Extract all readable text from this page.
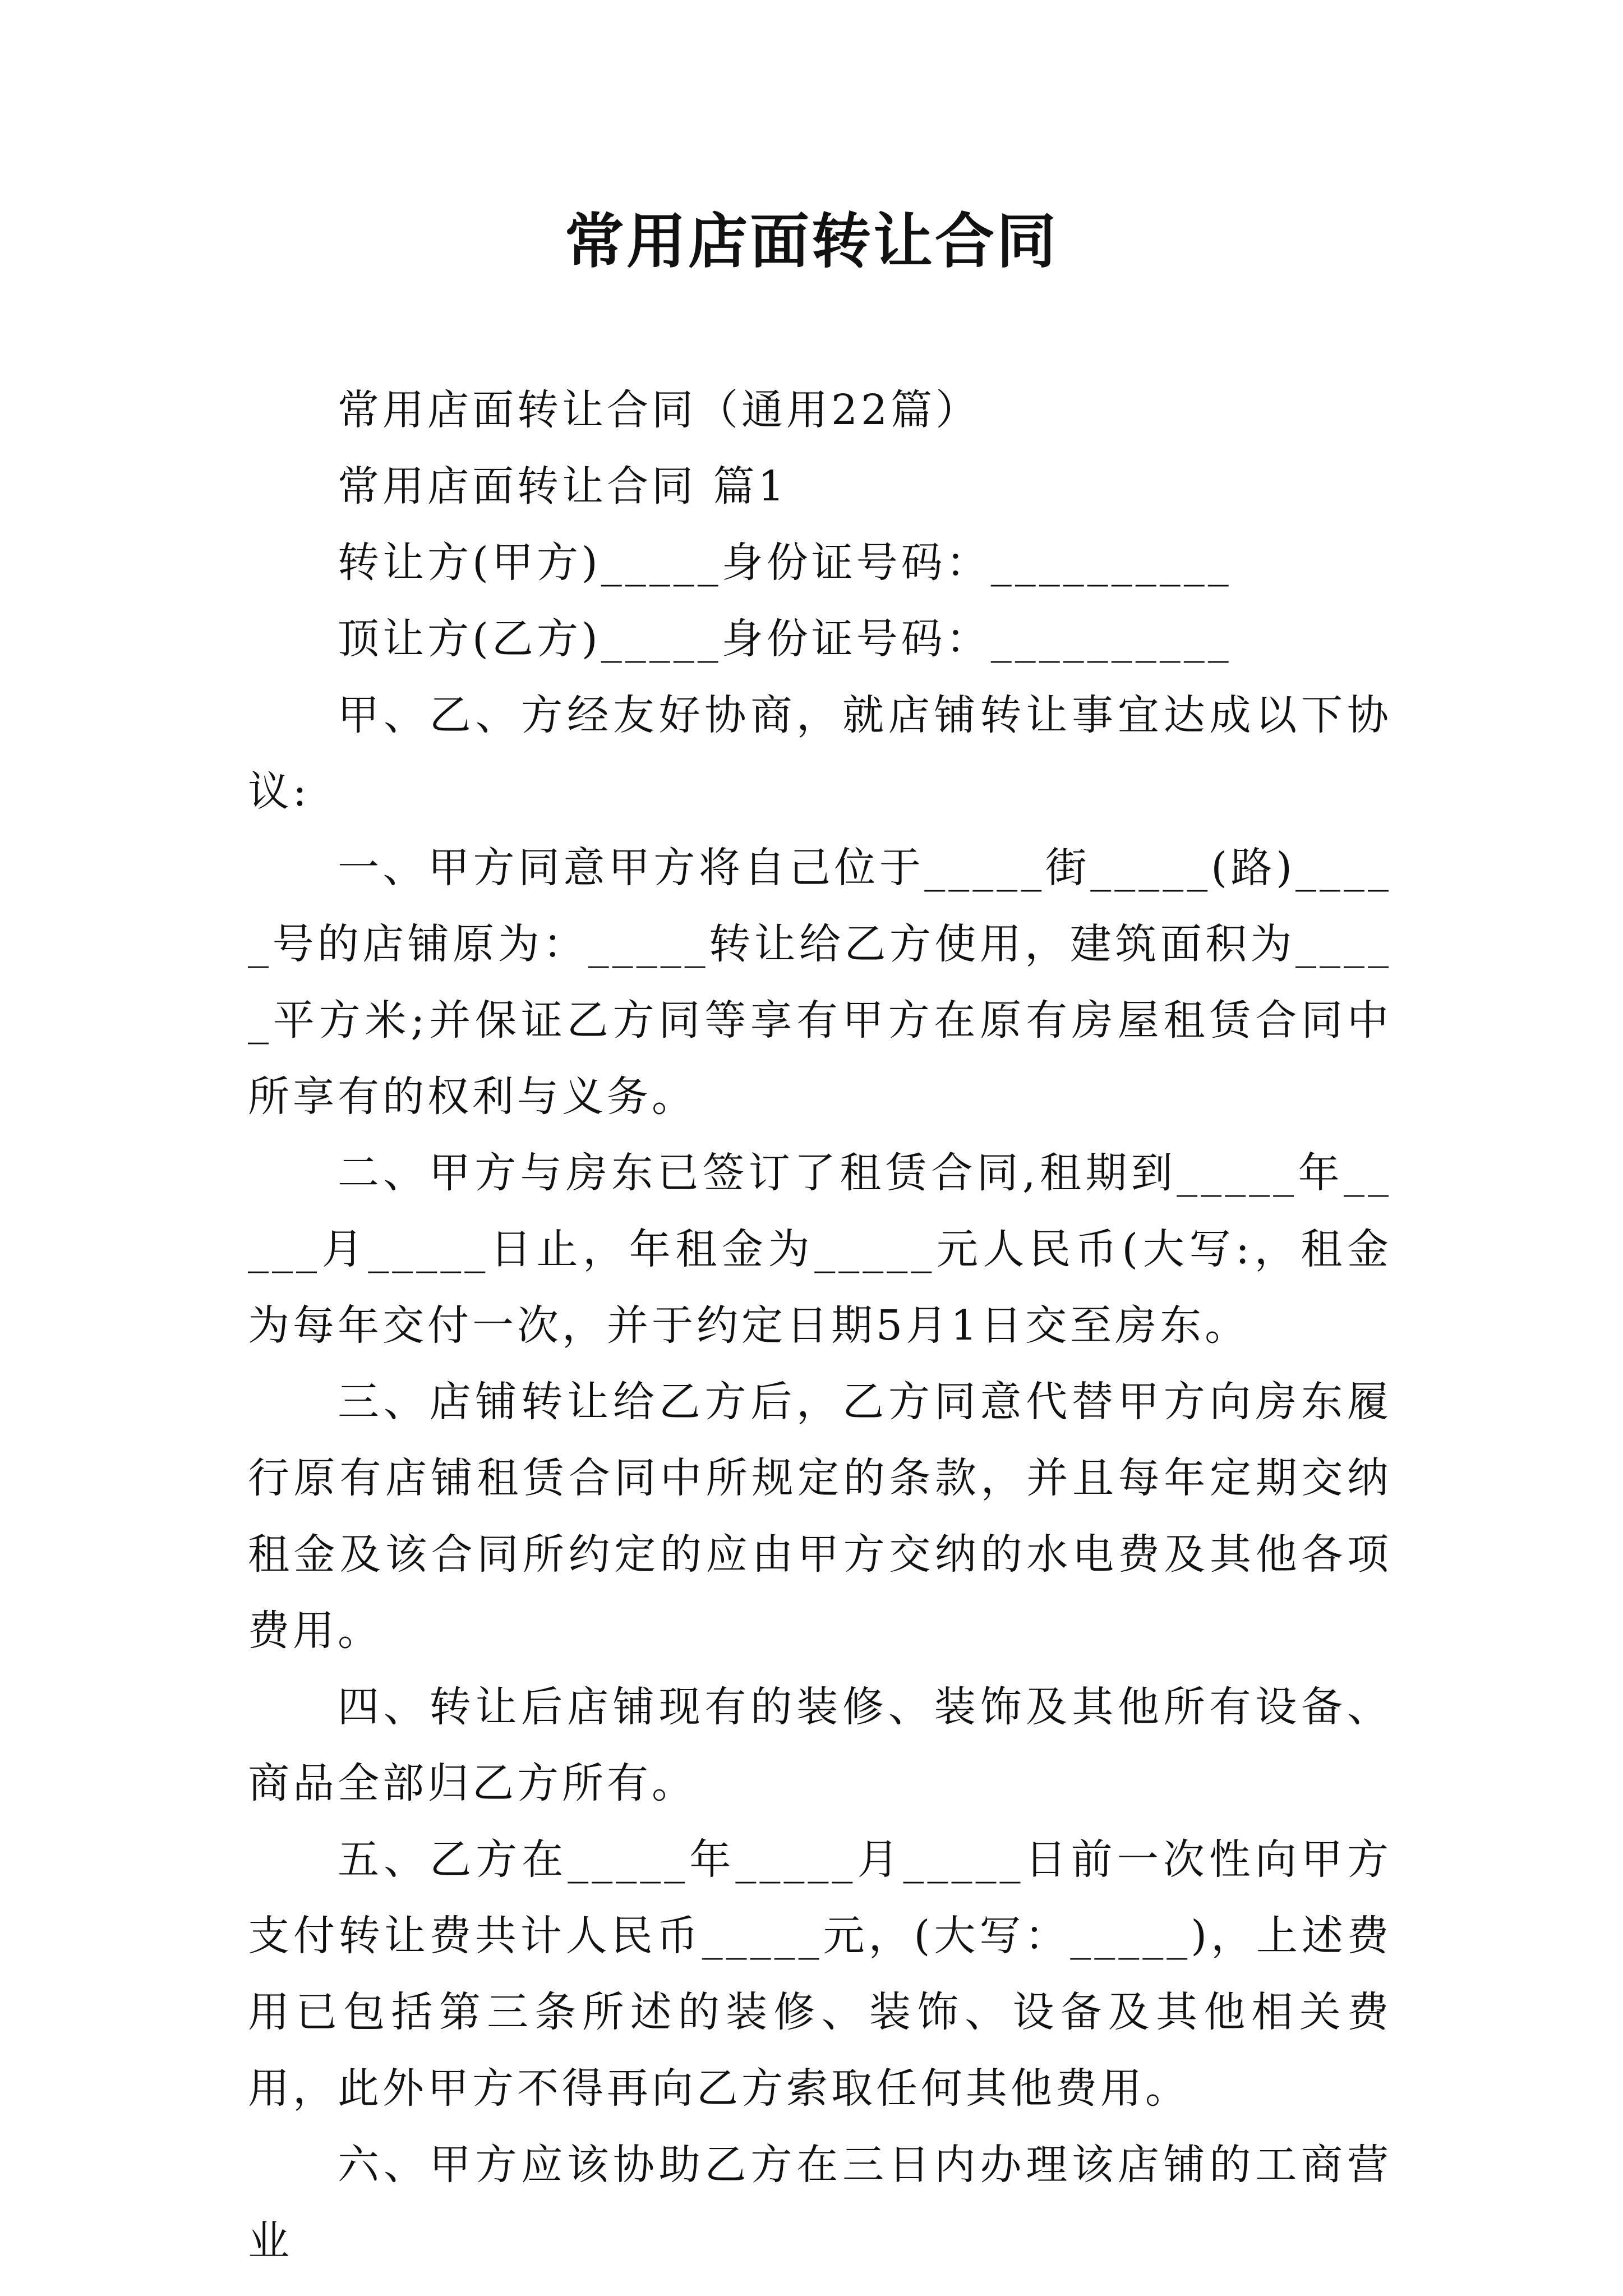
常用店面转让合同

常用店面转让合同（通用22篇）

常用店面转让合同 篇1

转让方(甲方)_____身份证号码：__________

顶让方(乙方)_____身份证号码：__________

甲、乙、方经友好协商，就店铺转让事宜达成以下协议:

一、甲方同意甲方将自己位于_____街_____(路)_____号的店铺原为：_____转让给乙方使用，建筑面积为_____平方米;并保证乙方同等享有甲方在原有房屋租赁合同中所享有的权利与义务。

二、甲方与房东已签订了租赁合同,租期到_____年_____月_____日止，年租金为_____元人民币(大写:，租金为每年交付一次，并于约定日期5月1日交至房东。

三、店铺转让给乙方后，乙方同意代替甲方向房东履行原有店铺租赁合同中所规定的条款，并且每年定期交纳租金及该合同所约定的应由甲方交纳的水电费及其他各项费用。

四、转让后店铺现有的装修、装饰及其他所有设备、商品全部归乙方所有。

五、乙方在_____年_____月_____日前一次性向甲方支付转让费共计人民币_____元，(大写：_____)，上述费用已包括第三条所述的装修、装饰、设备及其他相关费用，此外甲方不得再向乙方索取任何其他费用。

六、甲方应该协助乙方在三日内办理该店铺的工商营业
